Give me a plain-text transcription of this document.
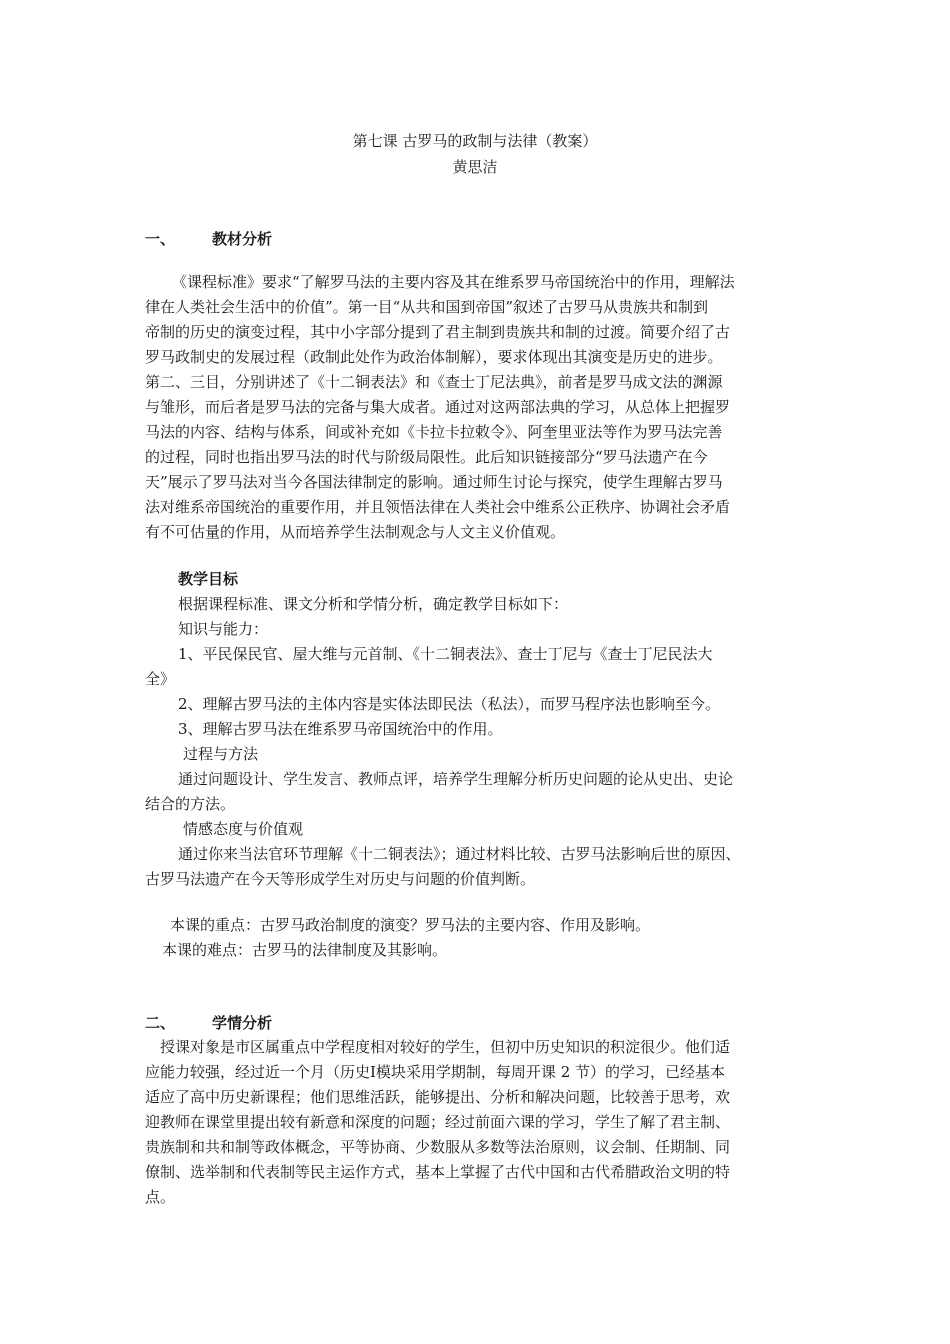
第七课 古罗马的政制与法律（教案）
黄思洁
一、 教材分析
《课程标准》要求“了解罗马法的主要内容及其在维系罗马帝国统治中的作用，理解法
律在人类社会生活中的价值”。第一目“从共和国到帝国”叙述了古罗马从贵族共和制到
帝制的历史的演变过程，其中小字部分提到了君主制到贵族共和制的过渡。简要介绍了古
罗马政制史的发展过程（政制此处作为政治体制解），要求体现出其演变是历史的进步。
第二、三目，分别讲述了《十二铜表法》和《查士丁尼法典》，前者是罗马成文法的渊源
与雏形，而后者是罗马法的完备与集大成者。通过对这两部法典的学习，从总体上把握罗
马法的内容、结构与体系，间或补充如《卡拉卡拉敕令》、阿奎里亚法等作为罗马法完善
的过程，同时也指出罗马法的时代与阶级局限性。此后知识链接部分“罗马法遗产在今
天”展示了罗马法对当今各国法律制定的影响。通过师生讨论与探究，使学生理解古罗马
法对维系帝国统治的重要作用，并且领悟法律在人类社会中维系公正秩序、协调社会矛盾
有不可估量的作用，从而培养学生法制观念与人文主义价值观。
教学目标
根据课程标准、课文分析和学情分析，确定教学目标如下：
知识与能力：
1、平民保民官、屋大维与元首制、《十二铜表法》、查士丁尼与《查士丁尼民法大
全》
2、理解古罗马法的主体内容是实体法即民法（私法），而罗马程序法也影响至今。
3、理解古罗马法在维系罗马帝国统治中的作用。
过程与方法
通过问题设计、学生发言、教师点评，培养学生理解分析历史问题的论从史出、史论
结合的方法。
情感态度与价值观
通过你来当法官环节理解《十二铜表法》；通过材料比较、古罗马法影响后世的原因、
古罗马法遗产在今天等形成学生对历史与问题的价值判断。
本课的重点：古罗马政治制度的演变？罗马法的主要内容、作用及影响。
本课的难点：古罗马的法律制度及其影响。
二、 学情分析
授课对象是市区属重点中学程度相对较好的学生，但初中历史知识的积淀很少。他们适
应能力较强，经过近一个月（历史Ⅰ模块采用学期制，每周开课 2 节）的学习，已经基本
适应了高中历史新课程；他们思维活跃，能够提出、分析和解决问题，比较善于思考，欢
迎教师在课堂里提出较有新意和深度的问题；经过前面六课的学习，学生了解了君主制、
贵族制和共和制等政体概念，平等协商、少数服从多数等法治原则，议会制、任期制、同
僚制、选举制和代表制等民主运作方式，基本上掌握了古代中国和古代希腊政治文明的特
点。
